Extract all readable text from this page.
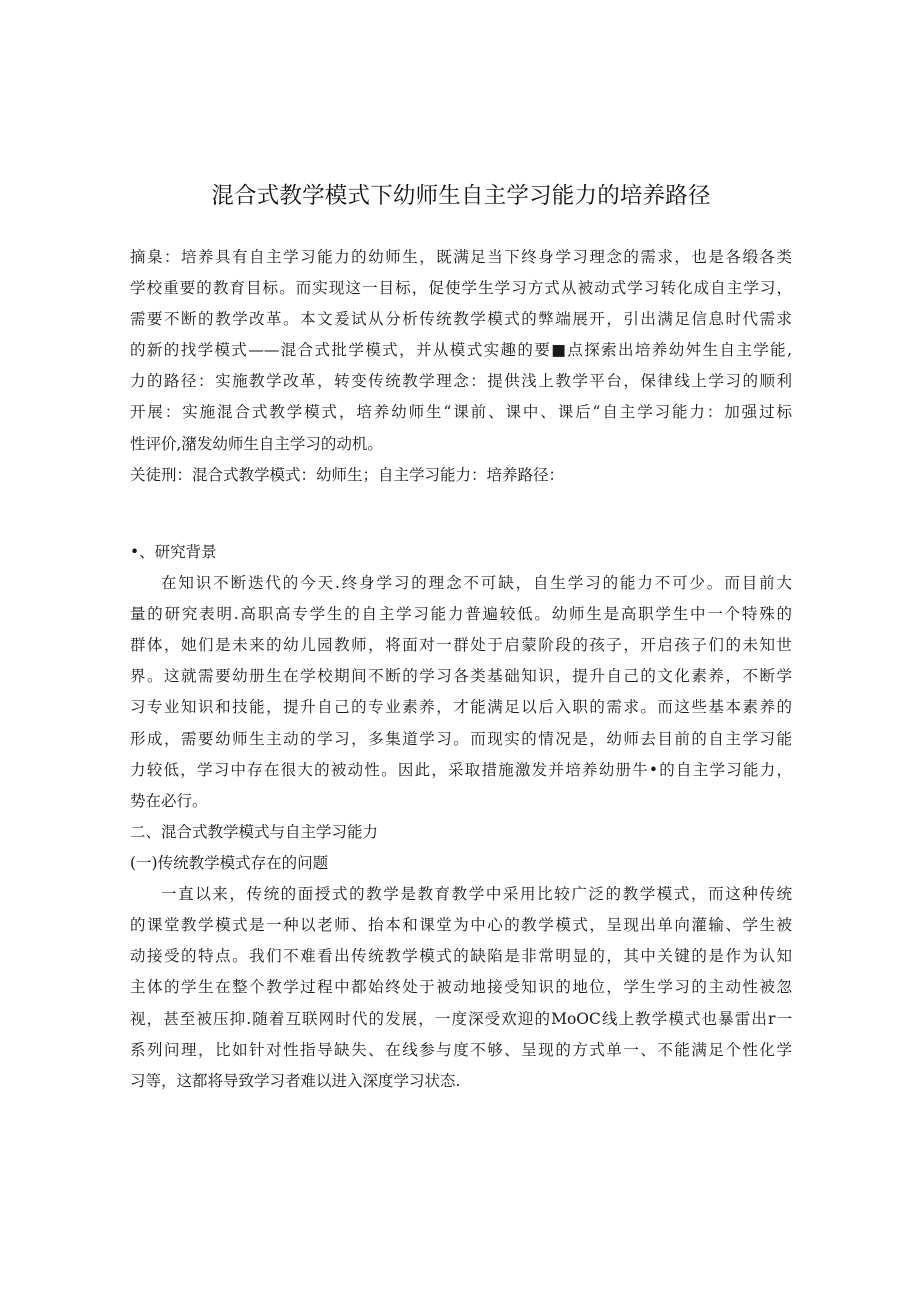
混合式教学模式下幼师生自主学习能力的培养路径
摘臬：培养具有自主学习能力的幼师生，既满足当下终身学习理念的需求，也是各缎各类
学校重要的教育目标。而实现这一目标，促使学生学习方式从被动式学习转化成自主学习，
需要不断的教学改革。本文爰试从分析传统教学模式的弊端展开，引出满足信息时代需求
的新的找学模式——混合式批学模式，并从模式实趣的要■点探索出培养幼舛生自主学能,
力的路径：实施教学改革，转变传统教学理念：提供浅上教学平台，保律线上学习的顺利
开展：实施混合式教学模式，培养幼师生“课前、课中、课后“自主学习能力：加强过标
性评价,潴发幼师生自主学习的动机。
关徒刑：混合式教学模式：幼师生；自主学习能力：培养路径：
•、研究背景
在知识不断迭代的今天.终身学习的理念不可缺，自生学习的能力不可少。而目前大
量的研究表明.高职高专学生的自主学习能力普遍较低。幼师生是高职学生中一个特殊的
群体，她们是未来的幼儿园教师，将面对一群处于启蒙阶段的孩子，开启孩子们的未知世
界。这就需要幼册生在学校期间不断的学习各类基础知识，提升自己的文化素养，不断学
习专业知识和技能，提升自己的专业素养，才能满足以后入职的需求。而这些基本素养的
形成，需要幼师生主动的学习，多集道学习。而现实的情况是，幼师去目前的自主学习能
力较低，学习中存在很大的被动性。因此，采取措施激发并培养幼册牛•的自主学习能力，
势在必行。
二、混合式教学模式与自主学习能力
(一)传统教学模式存在的问题
一直以来，传统的面授式的教学是教育教学中采用比较广泛的教学模式，而这种传统
的课堂教学模式是一种以老师、抬本和课堂为中心的教学模式，呈现出单向灌输、学生被
动接受的特点。我们不难看出传统教学模式的缺陷是非常明显的，其中关键的是作为认知
主体的学生在整个教学过程中都始终处于被动地接受知识的地位，学生学习的主动性被忽
视，甚至被压抑.随着互联网时代的发展，一度深受欢迎的MoOC线上教学模式也暴雷出r一
系列问理，比如针对性指导缺失、在线参与度不够、呈现的方式单一、不能满足个性化学
习等，这都将导致学习者难以进入深度学习状态.
